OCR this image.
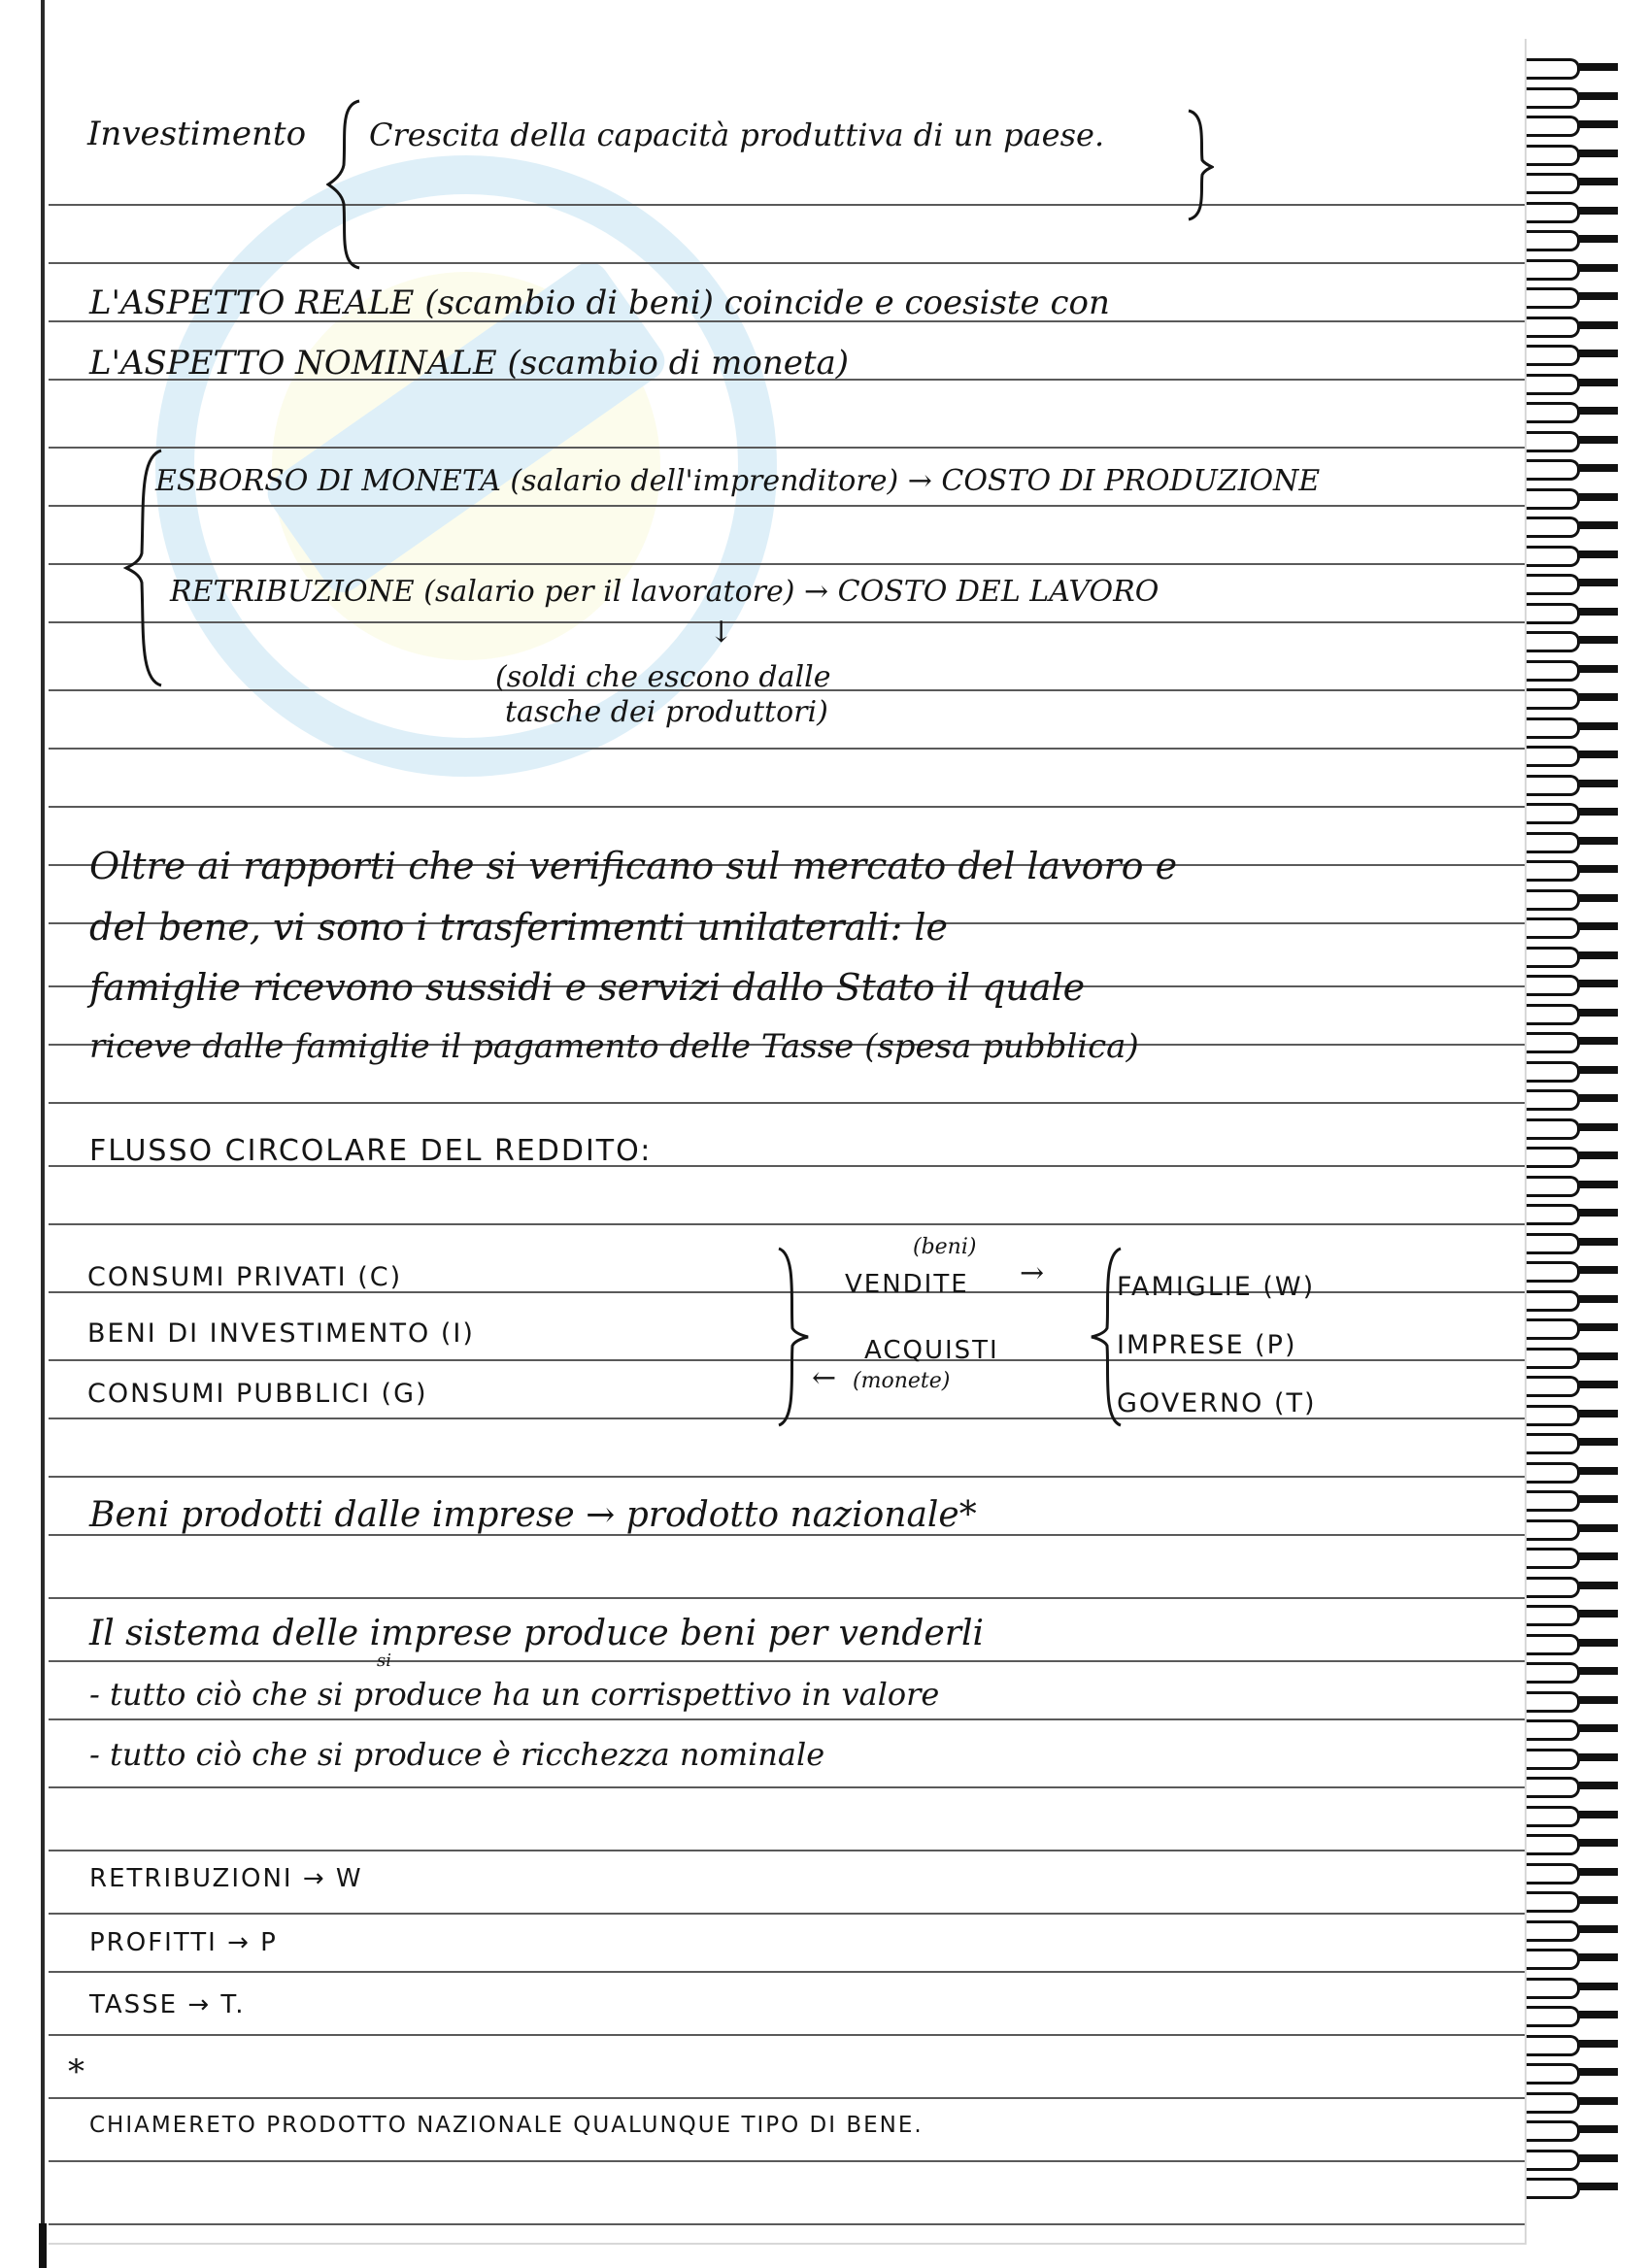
Investimento Crescita della capacità produttiva di un paese.
L'ASPETTO REALE (scambio di beni) coincide e coesiste con
L'ASPETTO NOMINALE (scambio di moneta)
ESBORSO DI MONETA (salario dell'imprenditore) → COSTO DI PRODUZIONE
RETRIBUZIONE (salario per il lavoratore) → COSTO DEL LAVORO
↓
(soldi che escono dalle
tasche dei produttori)
Oltre ai rapporti che si verificano sul mercato del lavoro e
del bene, vi sono i trasferimenti unilaterali: le
famiglie ricevono sussidi e servizi dallo Stato il quale
riceve dalle famiglie il pagamento delle Tasse (spesa pubblica)
FLUSSO CIRCOLARE DEL REDDITO:
CONSUMI PRIVATI (C)
BENI DI INVESTIMENTO (I)
CONSUMI PUBBLICI (G)
(beni)
VENDITE →
ACQUISTI
← (monete)
FAMIGLIE (W)
IMPRESE (P)
GOVERNO (T)
Beni prodotti dalle imprese → prodotto nazionale*
Il sistema delle imprese produce beni per venderli
si
- tutto ciò che si produce ha un corrispettivo in valore
- tutto ciò che si produce è ricchezza nominale
RETRIBUZIONI → W
PROFITTI → P
TASSE → T.
*
CHIAMERETO PRODOTTO NAZIONALE QUALUNQUE TIPO DI BENE.
